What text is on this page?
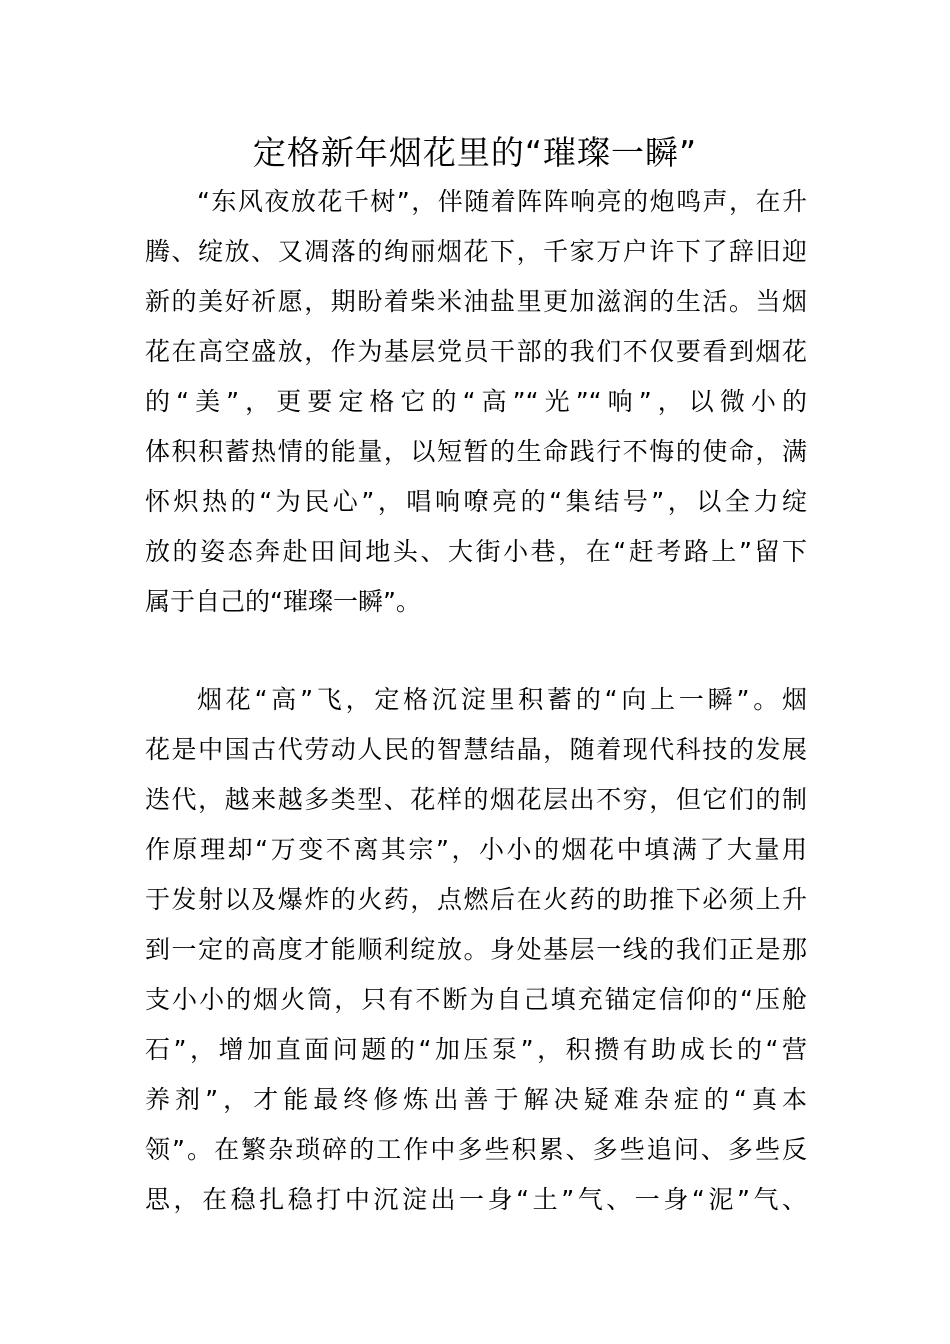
定格新年烟花里的“璀璨一瞬”
“东风夜放花千树”，伴随着阵阵响亮的炮鸣声，在升
腾、绽放、又凋落的绚丽烟花下，千家万户许下了辞旧迎
新的美好祈愿，期盼着柴米油盐里更加滋润的生活。当烟
花在高空盛放，作为基层党员干部的我们不仅要看到烟花
的“美”，更要定格它的“高”“光”“响”，以微小的
体积积蓄热情的能量，以短暂的生命践行不悔的使命，满
怀炽热的“为民心”，唱响嘹亮的“集结号”，以全力绽
放的姿态奔赴田间地头、大街小巷，在“赶考路上”留下
属于自己的“璀璨一瞬”。
烟花“高”飞，定格沉淀里积蓄的“向上一瞬”。烟
花是中国古代劳动人民的智慧结晶，随着现代科技的发展
迭代，越来越多类型、花样的烟花层出不穷，但它们的制
作原理却“万变不离其宗”，小小的烟花中填满了大量用
于发射以及爆炸的火药，点燃后在火药的助推下必须上升
到一定的高度才能顺利绽放。身处基层一线的我们正是那
支小小的烟火筒，只有不断为自己填充锚定信仰的“压舱
石”，增加直面问题的“加压泵”，积攒有助成长的“营
养剂”，才能最终修炼出善于解决疑难杂症的“真本
领”。在繁杂琐碎的工作中多些积累、多些追问、多些反
思，在稳扎稳打中沉淀出一身“土”气、一身“泥”气、
